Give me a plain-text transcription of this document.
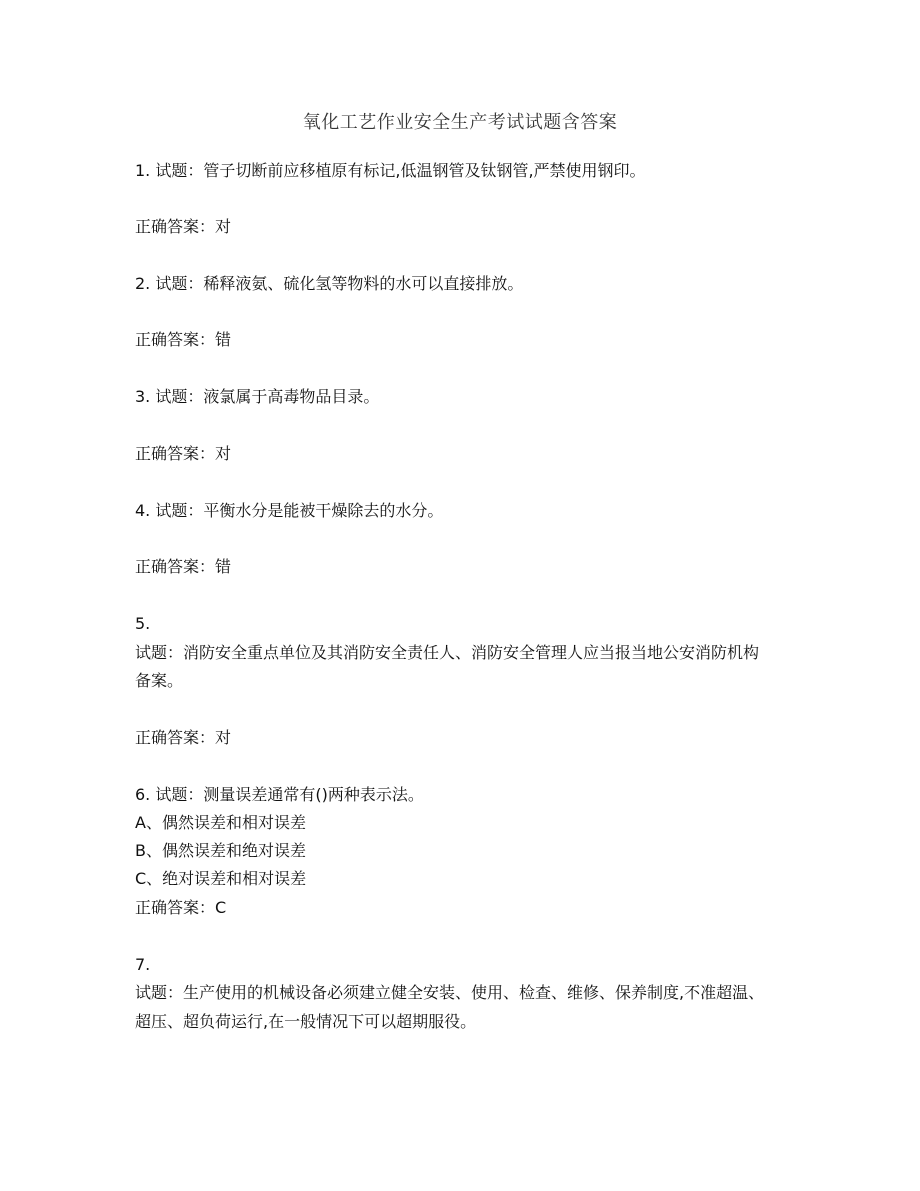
氧化工艺作业安全生产考试试题含答案
1. 试题：管子切断前应移植原有标记,低温钢管及钛钢管,严禁使用钢印。
正确答案：对
2. 试题：稀释液氨、硫化氢等物料的水可以直接排放。
正确答案：错
3. 试题：液氯属于高毒物品目录。
正确答案：对
4. 试题：平衡水分是能被干燥除去的水分。
正确答案：错
5.
试题：消防安全重点单位及其消防安全责任人、消防安全管理人应当报当地公安消防机构
备案。
正确答案：对
6. 试题：测量误差通常有()两种表示法。
A、偶然误差和相对误差
B、偶然误差和绝对误差
C、绝对误差和相对误差
正确答案：C
7.
试题：生产使用的机械设备必须建立健全安装、使用、检查、维修、保养制度,不准超温、
超压、超负荷运行,在一般情况下可以超期服役。
